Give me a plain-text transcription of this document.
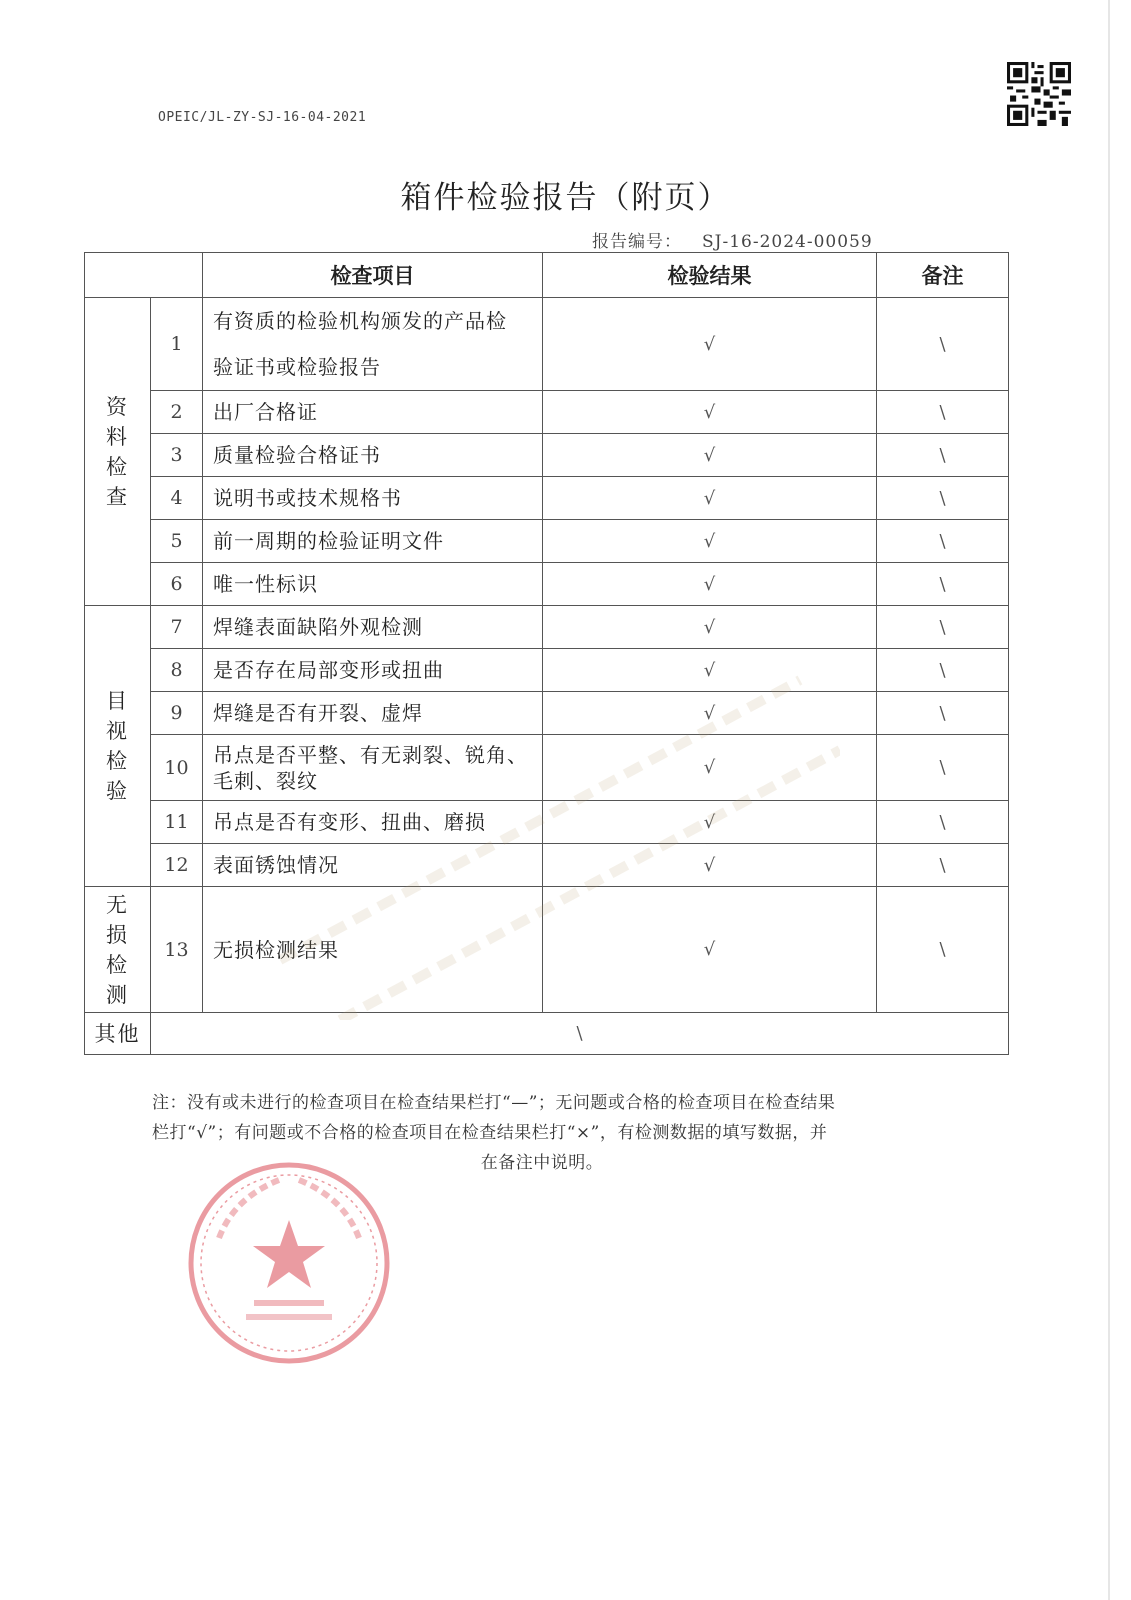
OPEIC/JL-ZY-SJ-16-04-2021
箱件检验报告（附页）
报告编号： SJ-16-2024-00059
		检查项目	检验结果	备注

资料检查	1	有资质的检验机构颁发的产品检
验证书或检验报告	√	\
	2	出厂合格证	√	\
	3	质量检验合格证书	√	\
	4	说明书或技术规格书	√	\
	5	前一周期的检验证明文件	√	\
	6	唯一性标识	√	\

目视检验	7	焊缝表面缺陷外观检测	√	\
	8	是否存在局部变形或扭曲	√	\
	9	焊缝是否有开裂、虚焊	√	\
	10	吊点是否平整、有无剥裂、锐角、
毛刺、裂纹	√	\
	11	吊点是否有变形、扭曲、磨损	√	\
	12	表面锈蚀情况	√	\

无损检测	13	无损检测结果	√	\
其他	\			
注：没有或未进行的检查项目在检查结果栏打“—”；无问题或合格的检查项目在检查结果
栏打“√”；有问题或不合格的检查项目在检查结果栏打“×”，有检测数据的填写数据，并

在备注中说明。
